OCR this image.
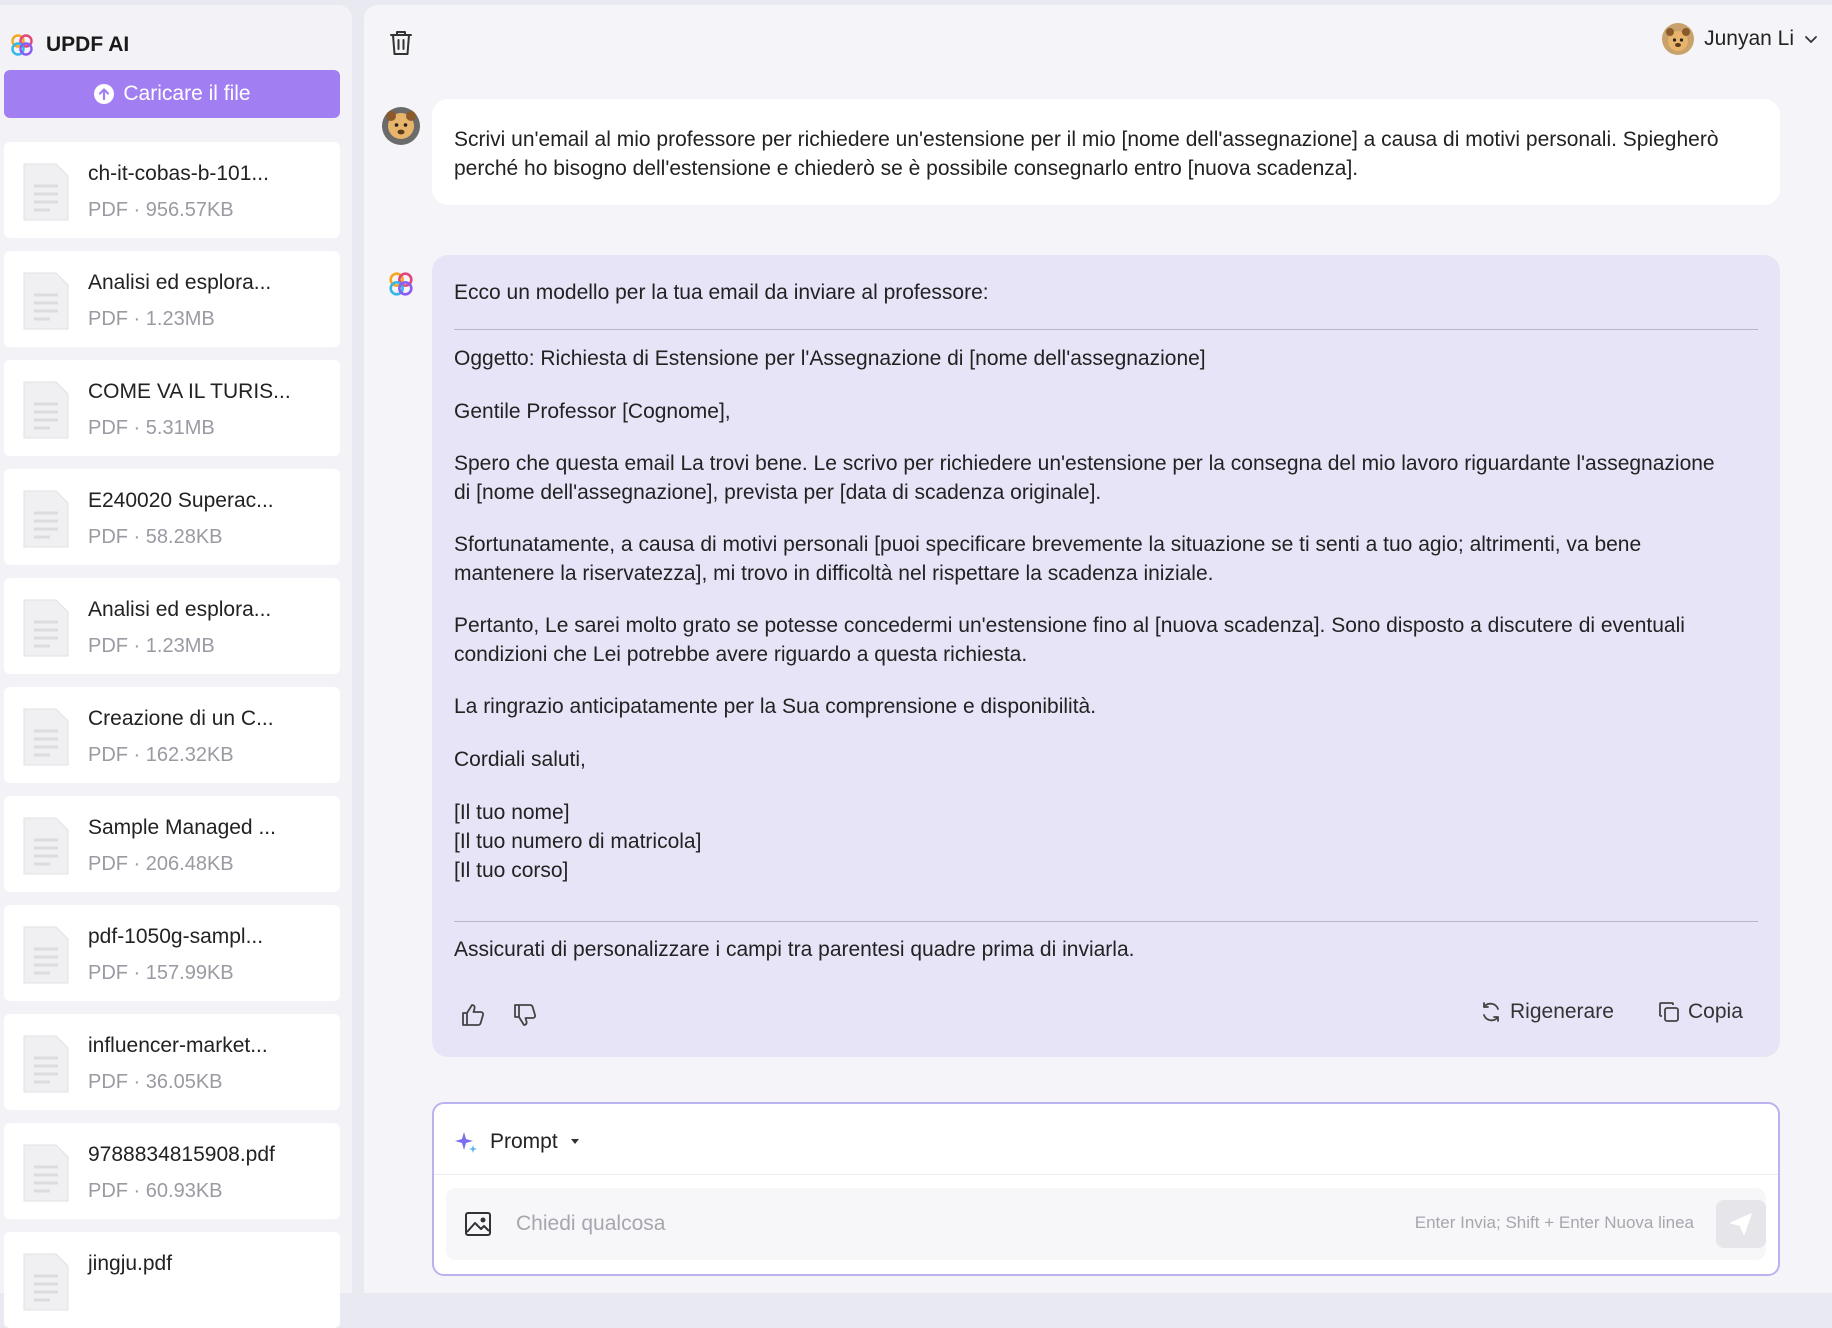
UPDF AI
Caricare il file
ch-it-cobas-b-101...
PDF · 956.57KB
Analisi ed esplora...
PDF · 1.23MB
COME VA IL TURIS...
PDF · 5.31MB
E240020 Superac...
PDF · 58.28KB
Analisi ed esplora...
PDF · 1.23MB
Creazione di un C...
PDF · 162.32KB
Sample Managed ...
PDF · 206.48KB
pdf-1050g-sampl...
PDF · 157.99KB
influencer-market...
PDF · 36.05KB
9788834815908.pdf
PDF · 60.93KB
jingju.pdf
Junyan Li
Scrivi un'email al mio professore per richiedere un'estensione per il mio [nome dell'assegnazione] a causa di motivi personali. Spiegherò perché ho bisogno dell'estensione e chiederò se è possibile consegnarlo entro [nuova scadenza].
Ecco un modello per la tua email da inviare al professore:
Oggetto: Richiesta di Estensione per l'Assegnazione di [nome dell'assegnazione]
Gentile Professor [Cognome],
Spero che questa email La trovi bene. Le scrivo per richiedere un'estensione per la consegna del mio lavoro riguardante l'assegnazione
di [nome dell'assegnazione], prevista per [data di scadenza originale].
Sfortunatamente, a causa di motivi personali [puoi specificare brevemente la situazione se ti senti a tuo agio; altrimenti, va bene
mantenere la riservatezza], mi trovo in difficoltà nel rispettare la scadenza iniziale.
Pertanto, Le sarei molto grato se potesse concedermi un'estensione fino al [nuova scadenza]. Sono disposto a discutere di eventuali
condizioni che Lei potrebbe avere riguardo a questa richiesta.
La ringrazio anticipatamente per la Sua comprensione e disponibilità.
Cordiali saluti,
[Il tuo nome]
[Il tuo numero di matricola]
[Il tuo corso]
Assicurati di personalizzare i campi tra parentesi quadre prima di inviarla.
Rigenerare	Copia
Prompt
Chiedi qualcosa
Enter Invia; Shift + Enter Nuova linea
